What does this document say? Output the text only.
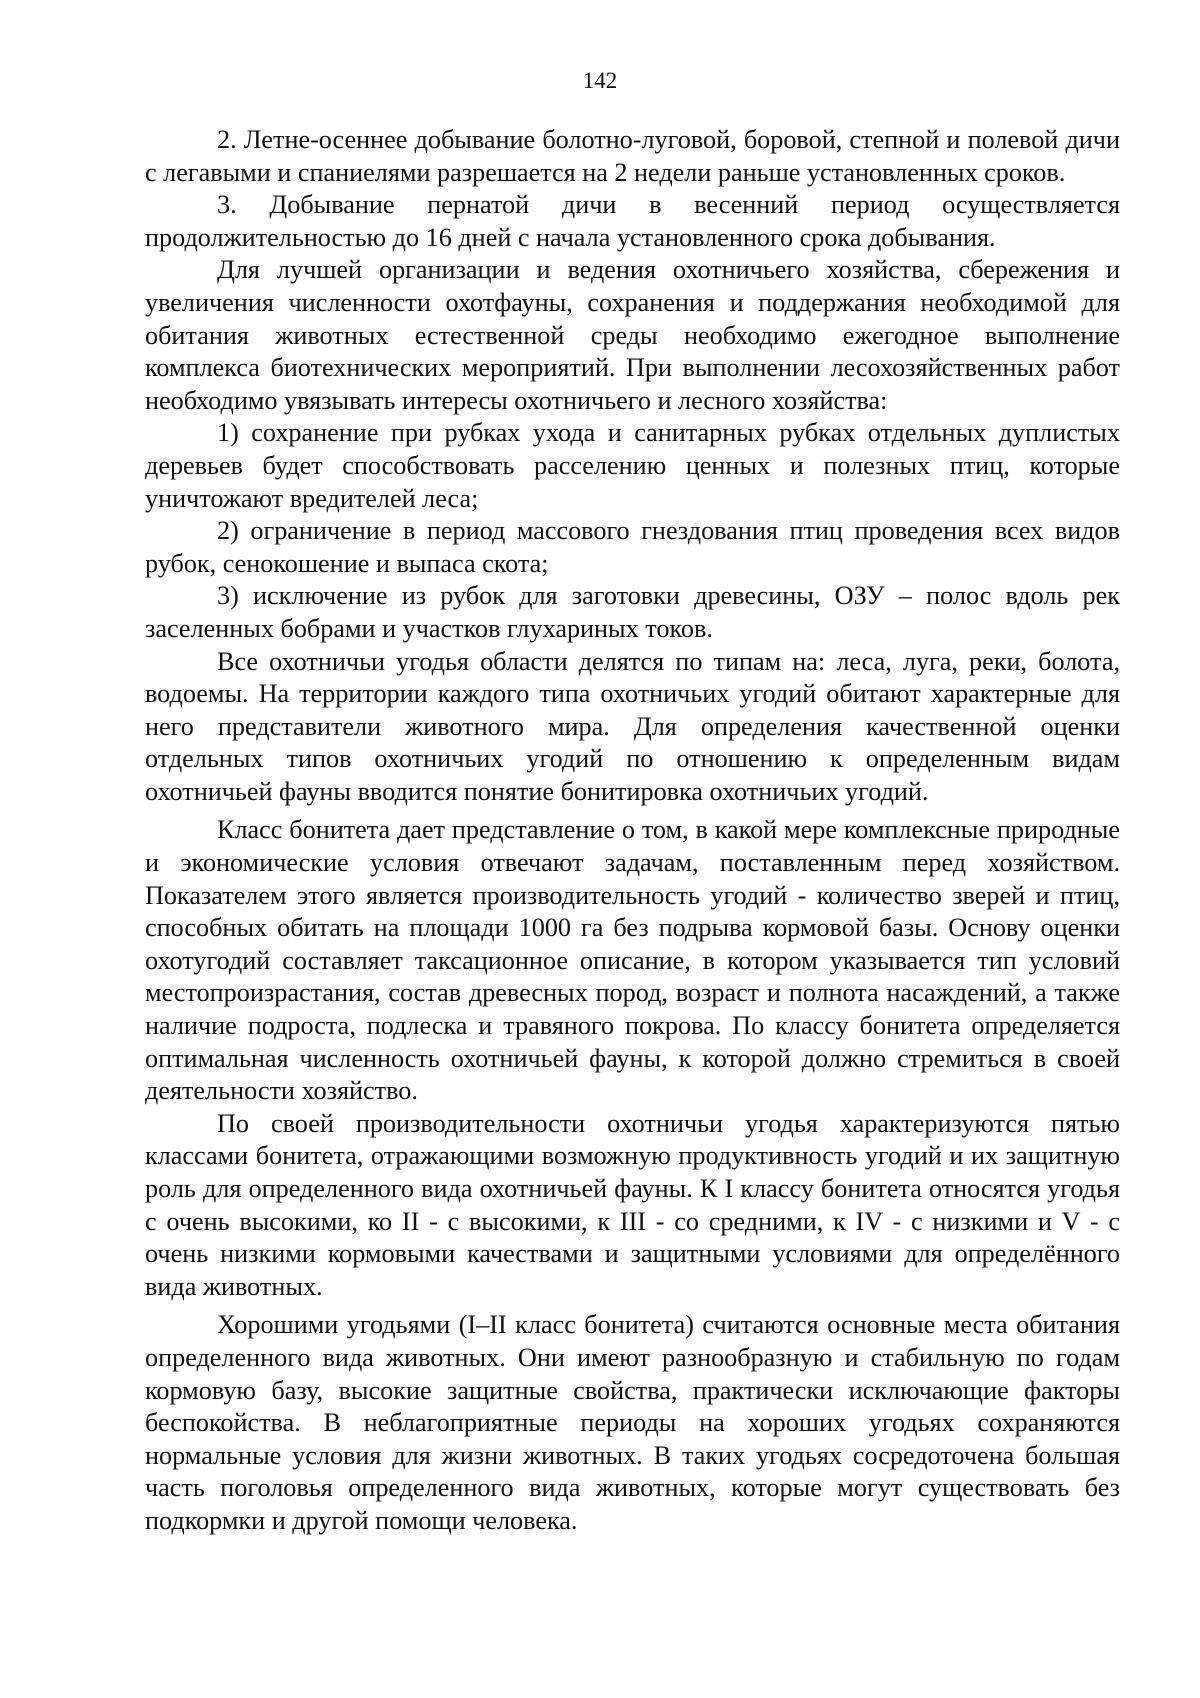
142

2. Летне-осеннее добывание болотно-луговой, боровой, степной и полевой дичи с легавыми и спаниелями разрешается на 2 недели раньше установленных сроков.

3. Добывание пернатой дичи в весенний период осуществляется продолжительностью до 16 дней с начала установленного срока добывания.

Для лучшей организации и ведения охотничьего хозяйства, сбережения и увеличения численности охотфауны, сохранения и поддержания необходимой для обитания животных естественной среды необходимо ежегодное выполнение комплекса биотехнических мероприятий. При выполнении лесохозяйственных работ необходимо увязывать интересы охотничьего и лесного хозяйства:

1) сохранение при рубках ухода и санитарных рубках отдельных дуплистых деревьев будет способствовать расселению ценных и полезных птиц, которые уничтожают вредителей леса;

2) ограничение в период массового гнездования птиц проведения всех видов рубок, сенокошение и выпаса скота;

3) исключение из рубок для заготовки древесины, ОЗУ – полос вдоль рек заселенных бобрами и участков глухариных токов.

Все охотничьи угодья области делятся по типам на: леса, луга, реки, болота, водоемы. На территории каждого типа охотничьих угодий обитают характерные для него представители животного мира. Для определения качественной оценки отдельных типов охотничьих угодий по отношению к определенным видам охотничьей фауны вводится понятие бонитировка охотничьих угодий.

Класс бонитета дает представление о том, в какой мере комплексные природные и экономические условия отвечают задачам, поставленным перед хозяйством. Показателем этого является производительность угодий - количество зверей и птиц, способных обитать на площади 1000 га без подрыва кормовой базы. Основу оценки охотугодий составляет таксационное описание, в котором указывается тип условий местопроизрастания, состав древесных пород, возраст и полнота насаждений, а также наличие подроста, подлеска и травяного покрова. По классу бонитета определяется оптимальная численность охотничьей фауны, к которой должно стремиться в своей деятельности хозяйство.

По своей производительности охотничьи угодья характеризуются пятью классами бонитета, отражающими возможную продуктивность угодий и их защитную роль для определенного вида охотничьей фауны. К I классу бонитета относятся угодья с очень высокими, ко II - с высокими, к III - со средними, к IV - с низкими и V - с очень низкими кормовыми качествами и защитными условиями для определённого вида животных.

Хорошими угодьями (I–II класс бонитета) считаются основные места обитания определенного вида животных. Они имеют разнообразную и стабильную по годам кормовую базу, высокие защитные свойства, практически исключающие факторы беспокойства. В неблагоприятные периоды на хороших угодьях сохраняются нормальные условия для жизни животных. В таких угодьях сосредоточена большая часть поголовья определенного вида животных, которые могут существовать без подкормки и другой помощи человека.
